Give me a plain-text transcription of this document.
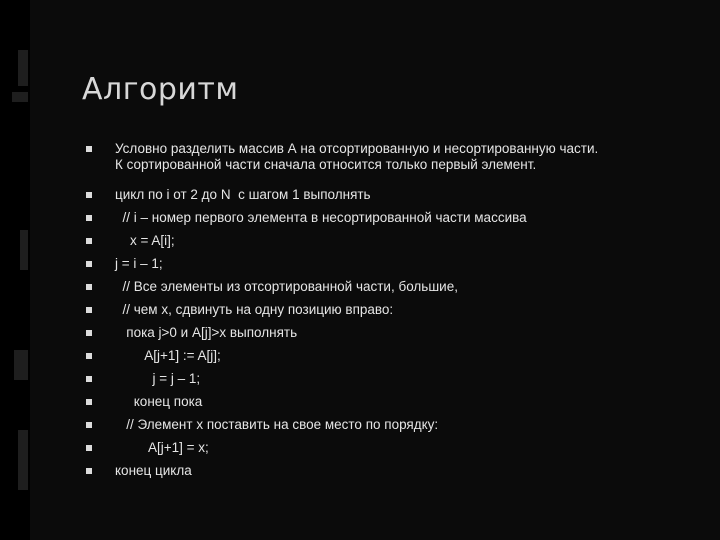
Алгоритм
Условно разделить массив А на отсортированную и несортированную части.
К сортированной части сначала относится только первый элемент.
цикл по i от 2 до N  с шагом 1 выполнять
// i – номер первого элемента в несортированной части массива
x = A[i];
j = i – 1;
// Все элементы из отсортированной части, большие,
// чем x, сдвинуть на одну позицию вправо:
пока j>0 и A[j]>x выполнять
A[j+1] := A[j];
j = j – 1;
конец пока
// Элемент x поставить на свое место по порядку:
A[j+1] = x;
конец цикла
